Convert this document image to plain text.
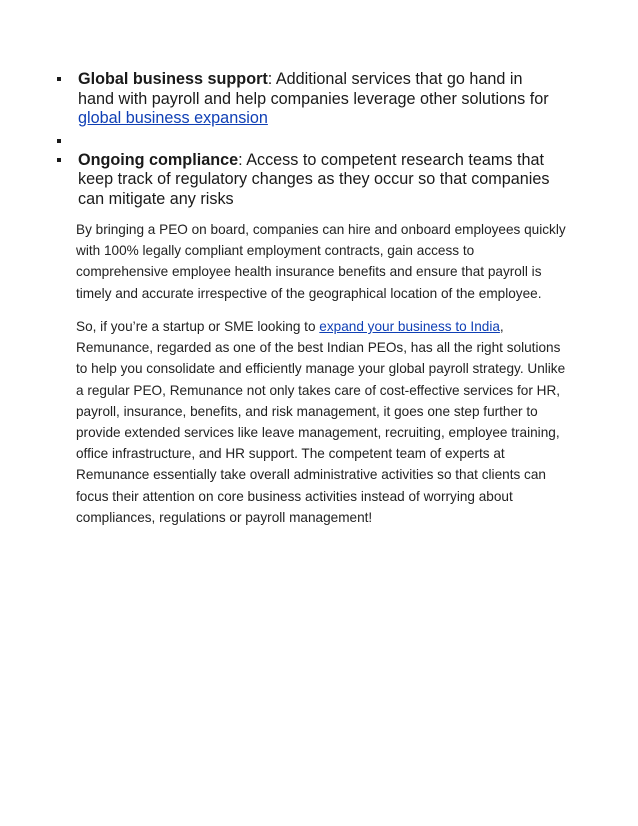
Global business support: Additional services that go hand in hand with payroll and help companies leverage other solutions for global business expansion
Ongoing compliance: Access to competent research teams that keep track of regulatory changes as they occur so that companies can mitigate any risks

By bringing a PEO on board, companies can hire and onboard employees quickly with 100% legally compliant employment contracts, gain access to comprehensive employee health insurance benefits and ensure that payroll is timely and accurate irrespective of the geographical location of the employee.

So, if you’re a startup or SME looking to expand your business to India, Remunance, regarded as one of the best Indian PEOs, has all the right solutions to help you consolidate and efficiently manage your global payroll strategy. Unlike a regular PEO, Remunance not only takes care of cost-effective services for HR, payroll, insurance, benefits, and risk management, it goes one step further to provide extended services like leave management, recruiting, employee training, office infrastructure, and HR support. The competent team of experts at Remunance essentially take overall administrative activities so that clients can focus their attention on core business activities instead of worrying about compliances, regulations or payroll management!
